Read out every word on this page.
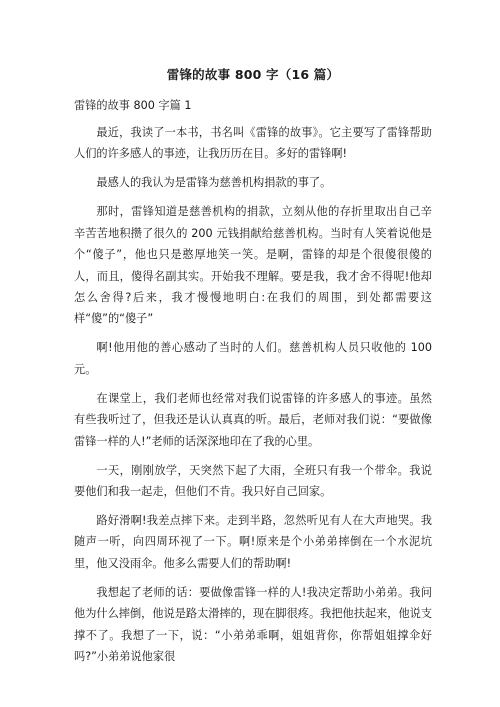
雷锋的故事 800 字（16 篇）
雷锋的故事 800 字篇 1

最近，我读了一本书，书名叫《雷锋的故事》。它主要写了雷锋帮助人们的许多感人的事迹，让我历历在目。多好的雷锋啊!

最感人的我认为是雷锋为慈善机构捐款的事了。

那时，雷锋知道是慈善机构的捐款，立刻从他的存折里取出自己辛辛苦苦地积攒了很久的 200 元钱捐献给慈善机构。当时有人笑着说他是个“傻子”，他也只是憨厚地笑一笑。是啊，雷锋的却是个很傻很傻的人，而且，傻得名副其实。开始我不理解。要是我，我才舍不得呢!他却怎么舍得?后来，我才慢慢地明白:在我们的周围，到处都需要这样“傻”的“傻子”

啊!他用他的善心感动了当时的人们。慈善机构人员只收他的 100 元。

在课堂上，我们老师也经常对我们说雷锋的许多感人的事迹。虽然有些我听过了，但我还是认认真真的听。最后，老师对我们说：“要做像雷锋一样的人!”老师的话深深地印在了我的心里。

一天，刚刚放学，天突然下起了大雨，全班只有我一个带伞。我说要他们和我一起走，但他们不肯。我只好自己回家。

路好滑啊!我差点摔下来。走到半路，忽然听见有人在大声地哭。我随声一听，向四周环视了一下。啊!原来是个小弟弟摔倒在一个水泥坑里，他又没雨伞。他多么需要人们的帮助啊!

我想起了老师的话：要做像雷锋一样的人!我决定帮助小弟弟。我问他为什么摔倒，他说是路太滑摔的，现在脚很疼。我把他扶起来，他说支撑不了。我想了一下，说：“小弟弟乖啊，姐姐背你，你帮姐姐撑伞好吗?”小弟弟说他家很
